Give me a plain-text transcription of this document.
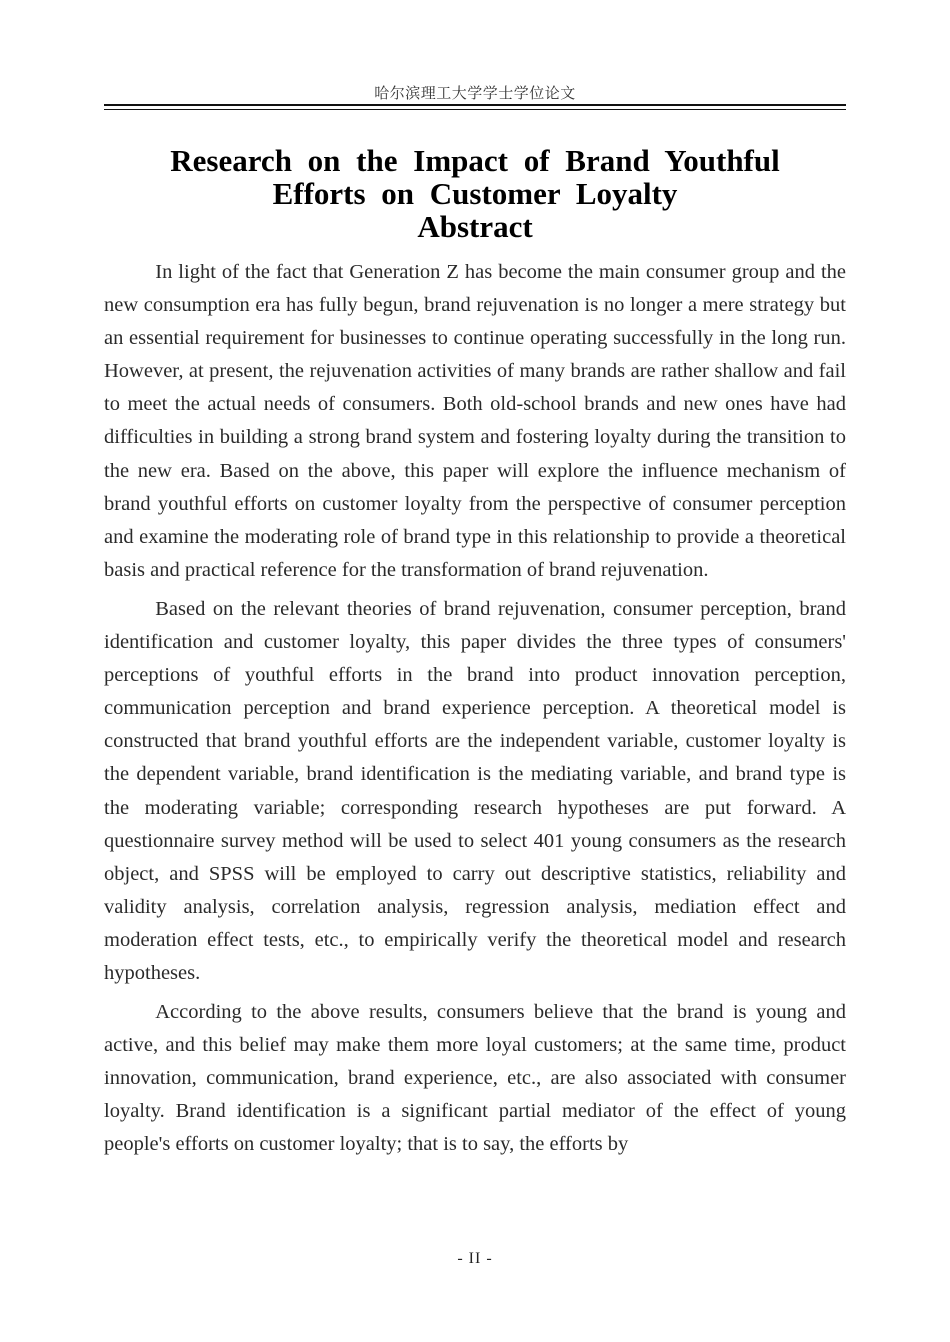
哈尔滨理工大学学士学位论文
Research on the Impact of Brand Youthful
Efforts on Customer Loyalty
Abstract

In light of the fact that Generation Z has become the main consumer group and the new consumption era has fully begun, brand rejuvenation is no longer a mere strategy but an essential requirement for businesses to continue operating successfully in the long run. However, at present, the rejuvenation activities of many brands are rather shallow and fail to meet the actual needs of consumers. Both old-school brands and new ones have had difficulties in building a strong brand system and fostering loyalty during the transition to the new era. Based on the above, this paper will explore the influence mechanism of brand youthful efforts on customer loyalty from the perspective of consumer perception and examine the moderating role of brand type in this relationship to provide a theoretical basis and practical reference for the transformation of brand rejuvenation.

Based on the relevant theories of brand rejuvenation, consumer perception, brand identification and customer loyalty, this paper divides the three types of consumers' perceptions of youthful efforts in the brand into product innovation perception, communication perception and brand experience perception. A theoretical model is constructed that brand youthful efforts are the independent variable, customer loyalty is the dependent variable, brand identification is the mediating variable, and brand type is the moderating variable; corresponding research hypotheses are put forward. A questionnaire survey method will be used to select 401 young consumers as the research object, and SPSS will be employed to carry out descriptive statistics, reliability and validity analysis, correlation analysis, regression analysis, mediation effect and moderation effect tests, etc., to empirically verify the theoretical model and research hypotheses.

According to the above results, consumers believe that the brand is young and active, and this belief may make them more loyal customers; at the same time, product innovation, communication, brand experience, etc., are also associated with consumer loyalty. Brand identification is a significant partial mediator of the effect of young people's efforts on customer loyalty; that is to say, the efforts by

- II -
